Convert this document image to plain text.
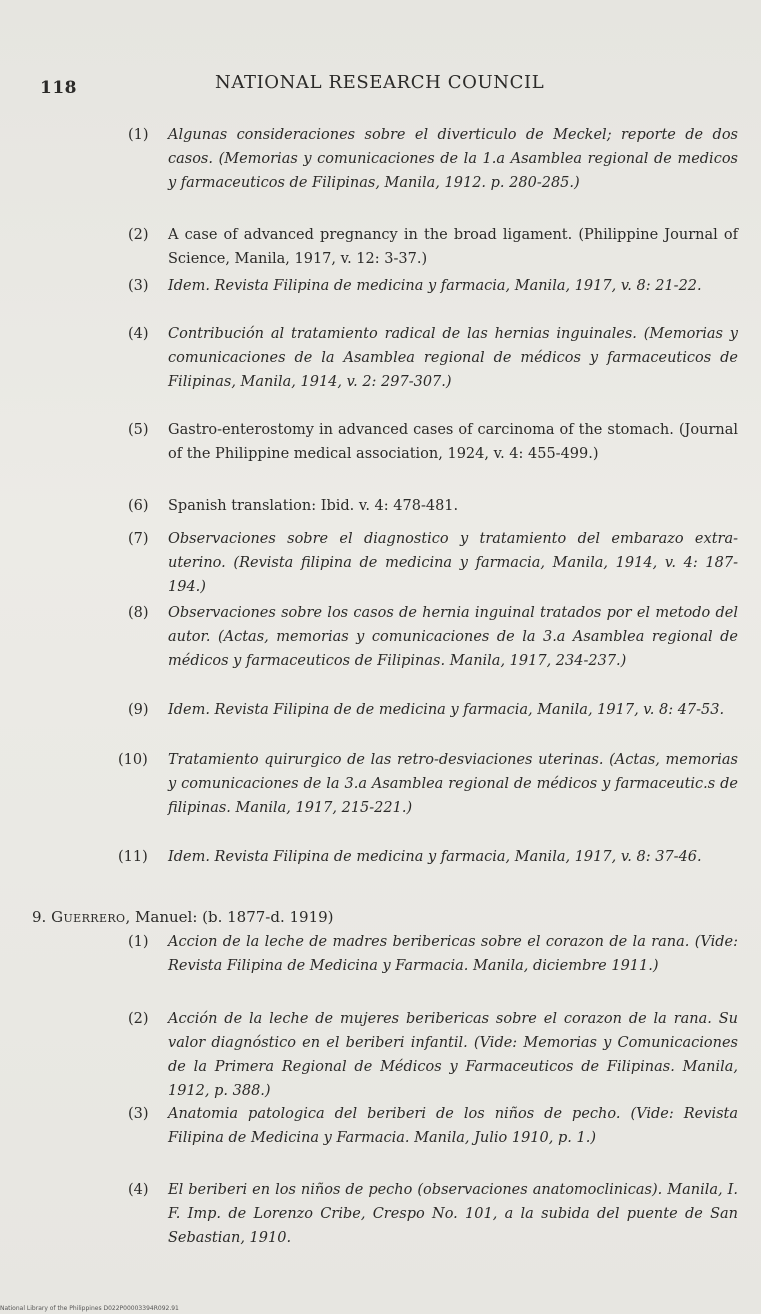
118	NATIONAL RESEARCH COUNCIL
(1) Algunas consideraciones sobre el diverticulo de Meckel; reporte de dos casos. (Memorias y comunicaciones de la 1.a Asamblea regional de medicos y farmaceuticos de Filipinas, Manila, 1912. p. 280-285.)
(2) A case of advanced pregnancy in the broad ligament. (Philippine Journal of Science, Manila, 1917, v. 12: 3-37.)
(3) Idem. Revista Filipina de medicina y farmacia, Manila, 1917, v. 8: 21-22.
(4) Contribución al tratamiento radical de las hernias inguinales. (Memorias y comunicaciones de la Asamblea regional de médicos y farmaceuticos de Filipinas, Manila, 1914, v. 2: 297-307.)
(5) Gastro-enterostomy in advanced cases of carcinoma of the stomach. (Journal of the Philippine medical association, 1924, v. 4: 455-499.)
(6) Spanish translation: Ibid. v. 4: 478-481.
(7) Observaciones sobre el diagnostico y tratamiento del embarazo extra-uterino. (Revista filipina de medicina y farmacia, Manila, 1914, v. 4: 187-194.)
(8) Observaciones sobre los casos de hernia inguinal tratados por el metodo del autor. (Actas, memorias y comunicaciones de la 3.a Asamblea regional de médicos y farmaceuticos de Filipinas. Manila, 1917, 234-237.)
(9) Idem. Revista Filipina de de medicina y farmacia, Manila, 1917, v. 8: 47-53.
(10) Tratamiento quirurgico de las retro-desviaciones uterinas. (Actas, memorias y comunicaciones de la 3.a Asamblea regional de médicos y farmaceutic.s de filipinas. Manila, 1917, 215-221.)
(11) Idem. Revista Filipina de medicina y farmacia, Manila, 1917, v. 8: 37-46.
9. Guerrero, Manuel: (b. 1877-d. 1919)
(1) Accion de la leche de madres beribericas sobre el corazon de la rana. (Vide: Revista Filipina de Medicina y Farmacia. Manila, diciembre 1911.)
(2) Acción de la leche de mujeres beribericas sobre el corazon de la rana. Su valor diagnóstico en el beriberi infantil. (Vide: Memorias y Comunicaciones de la Primera Regional de Médicos y Farmaceuticos de Filipinas. Manila, 1912, p. 388.)
(3) Anatomia patologica del beriberi de los niños de pecho. (Vide: Revista Filipina de Medicina y Farmacia. Manila, Julio 1910, p. 1.)
(4) El beriberi en los niños de pecho (observaciones anatomoclinicas). Manila, I. F. Imp. de Lorenzo Cribe, Crespo No. 101, a la subida del puente de San Sebastian, 1910.
National Library of the Philippines D022P00003394R092.91
